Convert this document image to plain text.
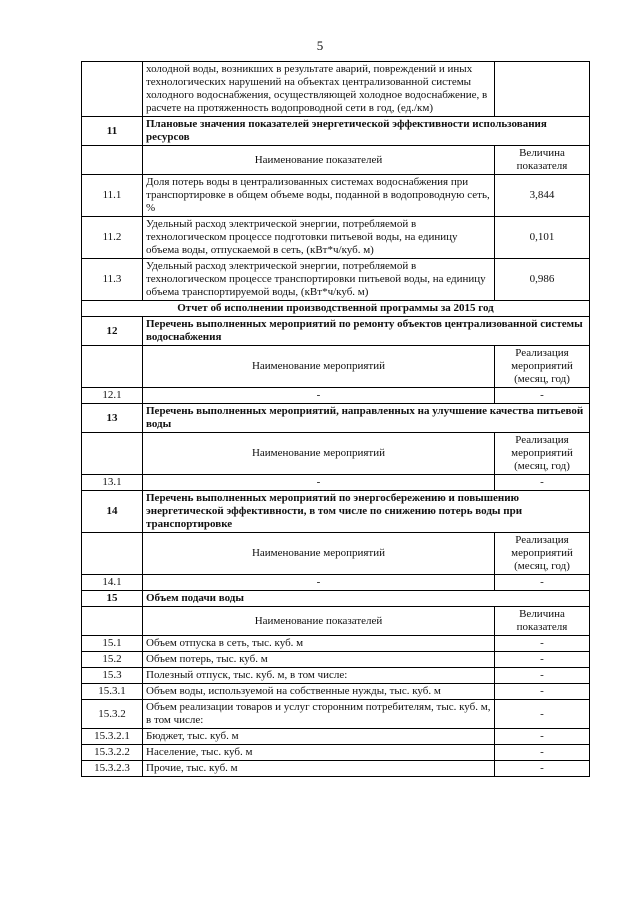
5
	холодной воды, возникших в результате аварий, повреждений и иных технологических нарушений на объектах централизованной системы холодного водоснабжения, осуществляющей холодное водоснабжение, в расчете на протяженность водопроводной сети в год, (ед./км)	
11	Плановые значения показателей энергетической эффективности использования ресурсов	
	Наименование показателей	Величина показателя
11.1	Доля потерь воды в централизованных системах водоснабжения при транспортировке в общем объеме воды, поданной в водопроводную сеть, %	3,844
11.2	Удельный расход электрической энергии, потребляемой в технологическом процессе подготовки питьевой воды, на единицу объема воды, отпускаемой в сеть, (кВт*ч/куб. м)	0,101
11.3	Удельный расход электрической энергии, потребляемой в технологическом процессе транспортировки питьевой воды, на единицу объема транспортируемой воды, (кВт*ч/куб. м)	0,986
Отчет об исполнении производственной программы за 2015 год		
12	Перечень выполненных мероприятий по ремонту объектов централизованной системы водоснабжения	
	Наименование мероприятий	Реализация мероприятий (месяц, год)
12.1	-	-
13	Перечень выполненных мероприятий, направленных на улучшение качества питьевой воды	
	Наименование мероприятий	Реализация мероприятий (месяц, год)
13.1	-	-
14	Перечень выполненных мероприятий по энергосбережению и повышению энергетической эффективности, в том числе по снижению потерь воды при транспортировке	
	Наименование мероприятий	Реализация мероприятий (месяц, год)
14.1	-	-
15	Объем подачи воды	
	Наименование показателей	Величина показателя
15.1	Объем отпуска в сеть, тыс. куб. м	-
15.2	Объем потерь, тыс. куб. м	-
15.3	Полезный отпуск, тыс. куб. м, в том числе:	-
15.3.1	Объем воды, используемой на собственные нужды, тыс. куб. м	-
15.3.2	Объем реализации товаров и услуг сторонним потребителям, тыс. куб. м, в том числе:	-
15.3.2.1	Бюджет, тыс. куб. м	-
15.3.2.2	Население, тыс. куб. м	-
15.3.2.3	Прочие, тыс. куб. м	-
